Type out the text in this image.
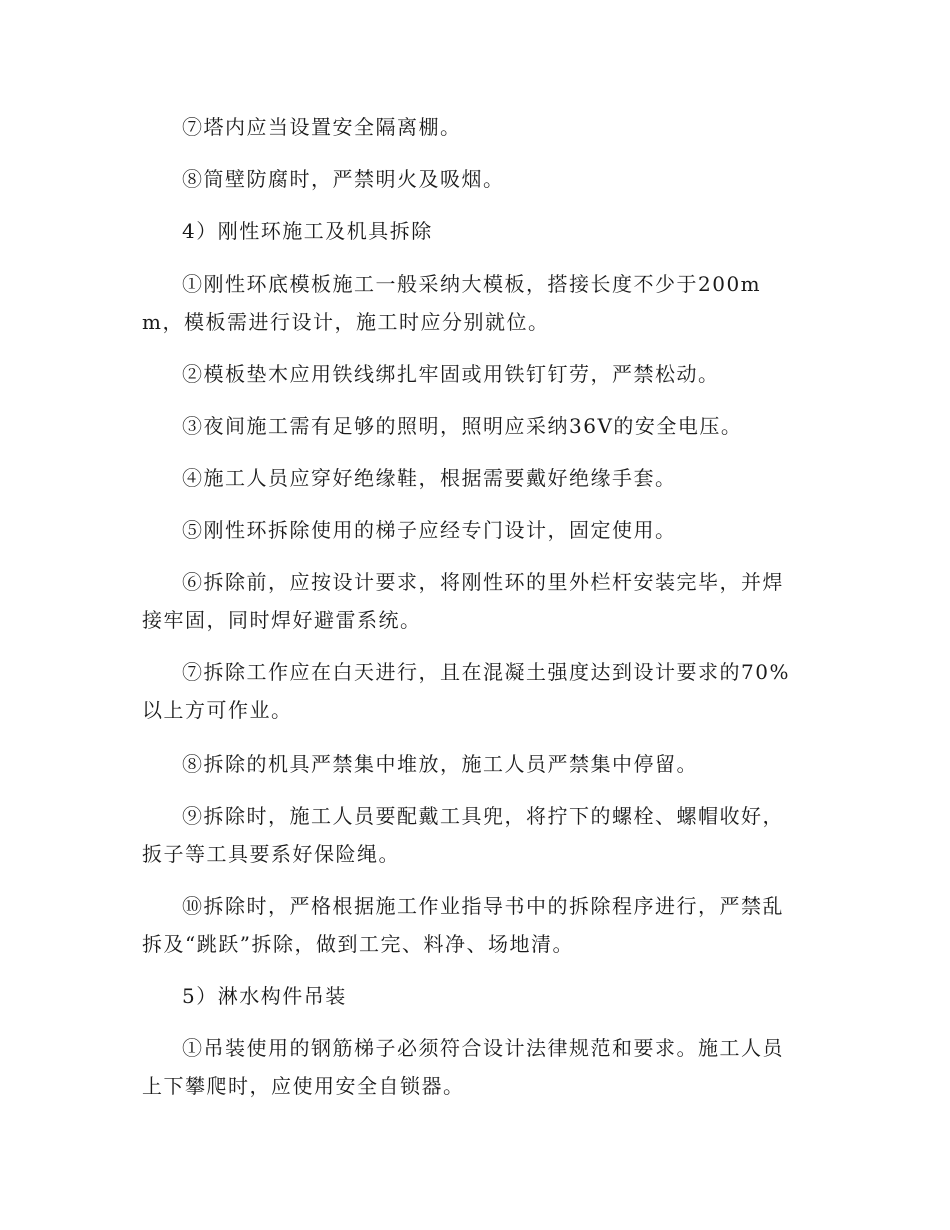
⑦塔内应当设置安全隔离棚。

⑧筒壁防腐时，严禁明火及吸烟。

4）刚性环施工及机具拆除

①刚性环底模板施工一般采纳大模板，搭接长度不少于200mm，模板需进行设计，施工时应分别就位。

②模板垫木应用铁线绑扎牢固或用铁钉钉劳，严禁松动。

③夜间施工需有足够的照明，照明应采纳36V的安全电压。

④施工人员应穿好绝缘鞋，根据需要戴好绝缘手套。

⑤刚性环拆除使用的梯子应经专门设计，固定使用。

⑥拆除前，应按设计要求，将刚性环的里外栏杆安装完毕，并焊接牢固，同时焊好避雷系统。

⑦拆除工作应在白天进行，且在混凝土强度达到设计要求的70%以上方可作业。

⑧拆除的机具严禁集中堆放，施工人员严禁集中停留。

⑨拆除时，施工人员要配戴工具兜，将拧下的螺栓、螺帽收好，扳子等工具要系好保险绳。

⑩拆除时，严格根据施工作业指导书中的拆除程序进行，严禁乱拆及“跳跃”拆除，做到工完、料净、场地清。

5）淋水构件吊装

①吊装使用的钢筋梯子必须符合设计法律规范和要求。施工人员上下攀爬时，应使用安全自锁器。
